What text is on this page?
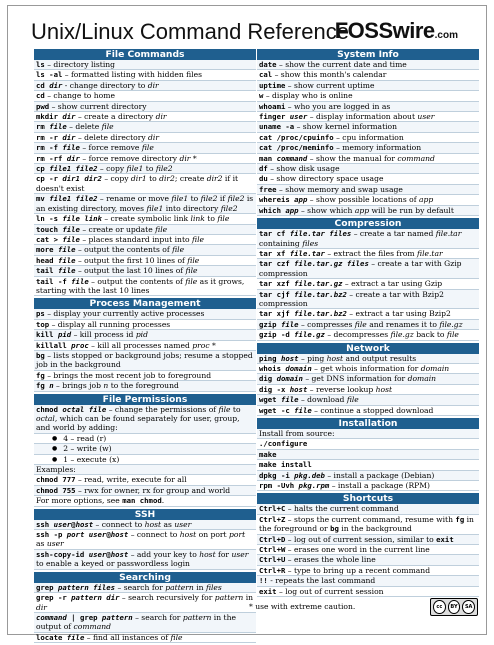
Unix/Linux Command Reference
FOSSwire.com
File Commands
ls – directory listing
ls -al – formatted listing with hidden files
cd dir - change directory to dir
cd – change to home
pwd – show current directory
mkdir dir – create a directory dir
rm file – delete file
rm -r dir – delete directory dir
rm -f file – force remove file
rm -rf dir – force remove directory dir *
cp file1 file2 – copy file1 to file2
cp -r dir1 dir2 – copy dir1 to dir2; create dir2 if it doesn't exist
mv file1 file2 – rename or move file1 to file2 if file2 is an existing directory, moves file1 into directory file2
ln -s file link – create symbolic link link to file
touch file – create or update file
cat > file – places standard input into file
more file – output the contents of file
head file – output the first 10 lines of file
tail file – output the last 10 lines of file
tail -f file – output the contents of file as it grows, starting with the last 10 lines
Process Management
ps – display your currently active processes
top – display all running processes
kill pid – kill process id pid
killall proc – kill all processes named proc *
bg – lists stopped or background jobs; resume a stopped job in the background
fg – brings the most recent job to foreground
fg n – brings job n to the foreground
File Permissions
chmod octal file – change the permissions of file to octal, which can be found separately for user, group, and world by adding:
● 4 – read (r)
● 2 – write (w)
● 1 – execute (x)
Examples:
chmod 777 – read, write, execute for all
chmod 755 – rwx for owner, rx for group and world
For more options, see man chmod.
SSH
ssh user@host – connect to host as user
ssh -p port user@host – connect to host on port port as user
ssh-copy-id user@host – add your key to host for user to enable a keyed or passwordless login
Searching
grep pattern files – search for pattern in files
grep -r pattern dir – search recursively for pattern in dir
command | grep pattern – search for pattern in the output of command
locate file – find all instances of file
System Info
date – show the current date and time
cal – show this month's calendar
uptime – show current uptime
w – display who is online
whoami – who you are logged in as
finger user – display information about user
uname -a – show kernel information
cat /proc/cpuinfo – cpu information
cat /proc/meminfo – memory information
man command – show the manual for command
df – show disk usage
du – show directory space usage
free – show memory and swap usage
whereis app – show possible locations of app
which app – show which app will be run by default
Compression
tar cf file.tar files – create a tar named file.tar containing files
tar xf file.tar – extract the files from file.tar
tar czf file.tar.gz files – create a tar with Gzip compression
tar xzf file.tar.gz – extract a tar using Gzip
tar cjf file.tar.bz2 – create a tar with Bzip2 compression
tar xjf file.tar.bz2 – extract a tar using Bzip2
gzip file – compresses file and renames it to file.gz
gzip -d file.gz – decompresses file.gz back to file
Network
ping host – ping host and output results
whois domain – get whois information for domain
dig domain – get DNS information for domain
dig -x host – reverse lookup host
wget file – download file
wget -c file – continue a stopped download
Installation
Install from source:
./configure
make
make install
dpkg -i pkg.deb – install a package (Debian)
rpm -Uvh pkg.rpm – install a package (RPM)
Shortcuts
Ctrl+C – halts the current command
Ctrl+Z – stops the current command, resume with fg in the foreground or bg in the background
Ctrl+D – log out of current session, similar to exit
Ctrl+W – erases one word in the current line
Ctrl+U – erases the whole line
Ctrl+R – type to bring up a recent command
!! - repeats the last command
exit – log out of current session
* use with extreme caution.	cc	BY	SA
